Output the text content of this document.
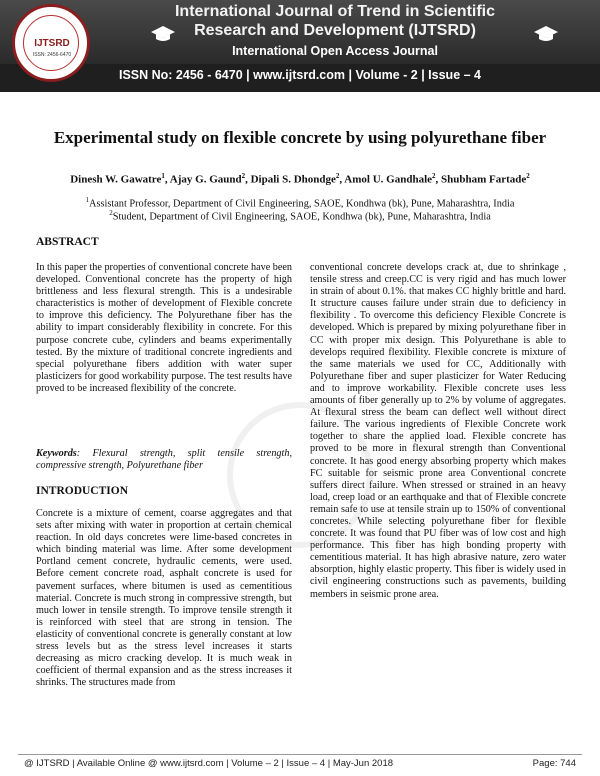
IJTSRD
ISSN: 2456-6470
International Journal of Trend in Scientific Research and Development (IJTSRD)
International Open Access Journal
ISSN No: 2456 - 6470 | www.ijtsrd.com | Volume - 2 | Issue – 4
Experimental study on flexible concrete by using polyurethane fiber
Dinesh W. Gawatre$^1$, Ajay G. Gaund$^2$, Dipali S. Dhondge$^2$, Amol U. Gandhale$^2$, Shubham Fartade$^2$
$^1$Assistant Professor, Department of Civil Engineering, SAOE, Kondhwa (bk), Pune, Maharashtra, India
$^2$Student, Department of Civil Engineering, SAOE, Kondhwa (bk), Pune, Maharashtra, India
ABSTRACT
In this paper the properties of conventional concrete have been developed. Conventional concrete has the property of high brittleness and less flexural strength. This is a undesirable characteristics is mother of development of Flexible concrete to improve this deficiency. The Polyurethane fiber has the ability to impart considerably flexibility in concrete. For this purpose concrete cube, cylinders and beams experimentally tested. By the mixture of traditional concrete ingredients and special polyurethane fibers addition with water super plasticizers for good workability purpose. The test results have proved to be increased flexibility of the concrete.
Keywords: Flexural strength, split tensile strength, compressive strength, Polyurethane fiber
INTRODUCTION
Concrete is a mixture of cement, coarse aggregates and that sets after mixing with water in proportion at certain chemical reaction. In old days concretes were lime-based concretes in which binding material was lime. After some development Portland cement concrete, hydraulic cements, were used. Before cement concrete road, asphalt concrete is used for pavement surfaces, where bitumen is used as cementitious material. Concrete is much strong in compressive strength, but much lower in tensile strength. To improve tensile strength it is reinforced with steel that are strong in tension. The elasticity of conventional concrete is generally constant at low stress levels but as the stress level increases it starts decreasing as micro cracking develop. It is much weak in coefficient of thermal expansion and as the stress increases it shrinks. The structures made from
conventional concrete develops crack at, due to shrinkage , tensile stress and creep.CC is very rigid and has much lower in strain of about 0.1%. that makes CC highly brittle and hard. It structure causes failure under strain due to deficiency in flexibility . To overcome this deficiency Flexible Concrete is developed. Which is prepared by mixing polyurethane fiber in CC with proper mix design. This Polyurethane is able to develops required flexibility. Flexible concrete is mixture of the same materials we used for CC, Additionally with Polyurethane fiber and super plasticizer for Water Reducing and to improve workability. Flexible concrete uses less amounts of fiber generally up to 2% by volume of aggregates. At flexural stress the beam can deflect well without direct failure. The various ingredients of Flexible Concrete work together to share the applied load. Flexible concrete has proved to be more in flexural strength than Conventional concrete. It has good energy absorbing property which makes FC suitable for seismic prone area Conventional concrete suffers direct failure. When stressed or strained in an heavy load, creep load or an earthquake and that of Flexible concrete remain safe to use at tensile strain up to 150% of conventional concretes. While selecting polyurethane fiber for flexible concrete. It was found that PU fiber was of low cost and high performance. This fiber has high bonding property with cementitious material. It has high abrasive nature, zero water absorption, highly elastic property. This fiber is widely used in civil engineering constructions such as pavements, building members in seismic prone area.
@ IJTSRD | Available Online @ www.ijtsrd.com | Volume – 2 | Issue – 4 | May-Jun 2018	Page: 744
